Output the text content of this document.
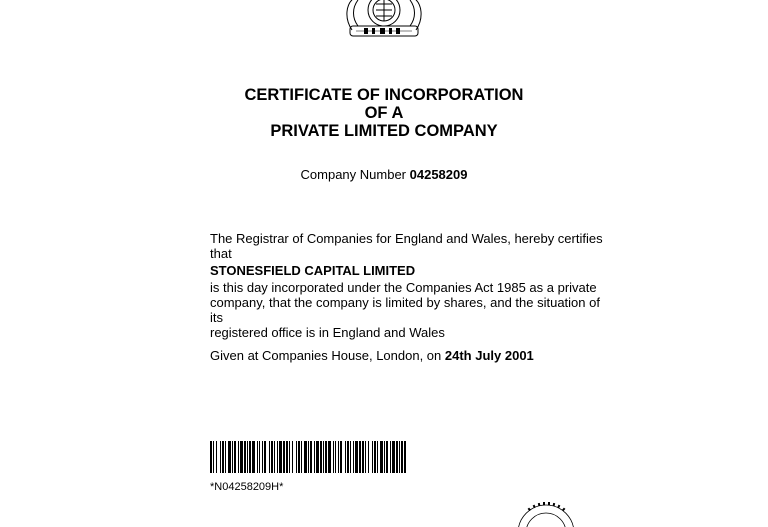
CERTIFICATE OF INCORPORATION
OF A
PRIVATE LIMITED COMPANY
Company Number 04258209

The Registrar of Companies for England and Wales, hereby certifies

that

STONESFIELD CAPITAL LIMITED

is this day incorporated under the Companies Act 1985 as a private

company, that the company is limited by shares, and the situation of its

registered office is in England and Wales

Given at Companies House, London, on 24th July 2001

*N04258209H*
